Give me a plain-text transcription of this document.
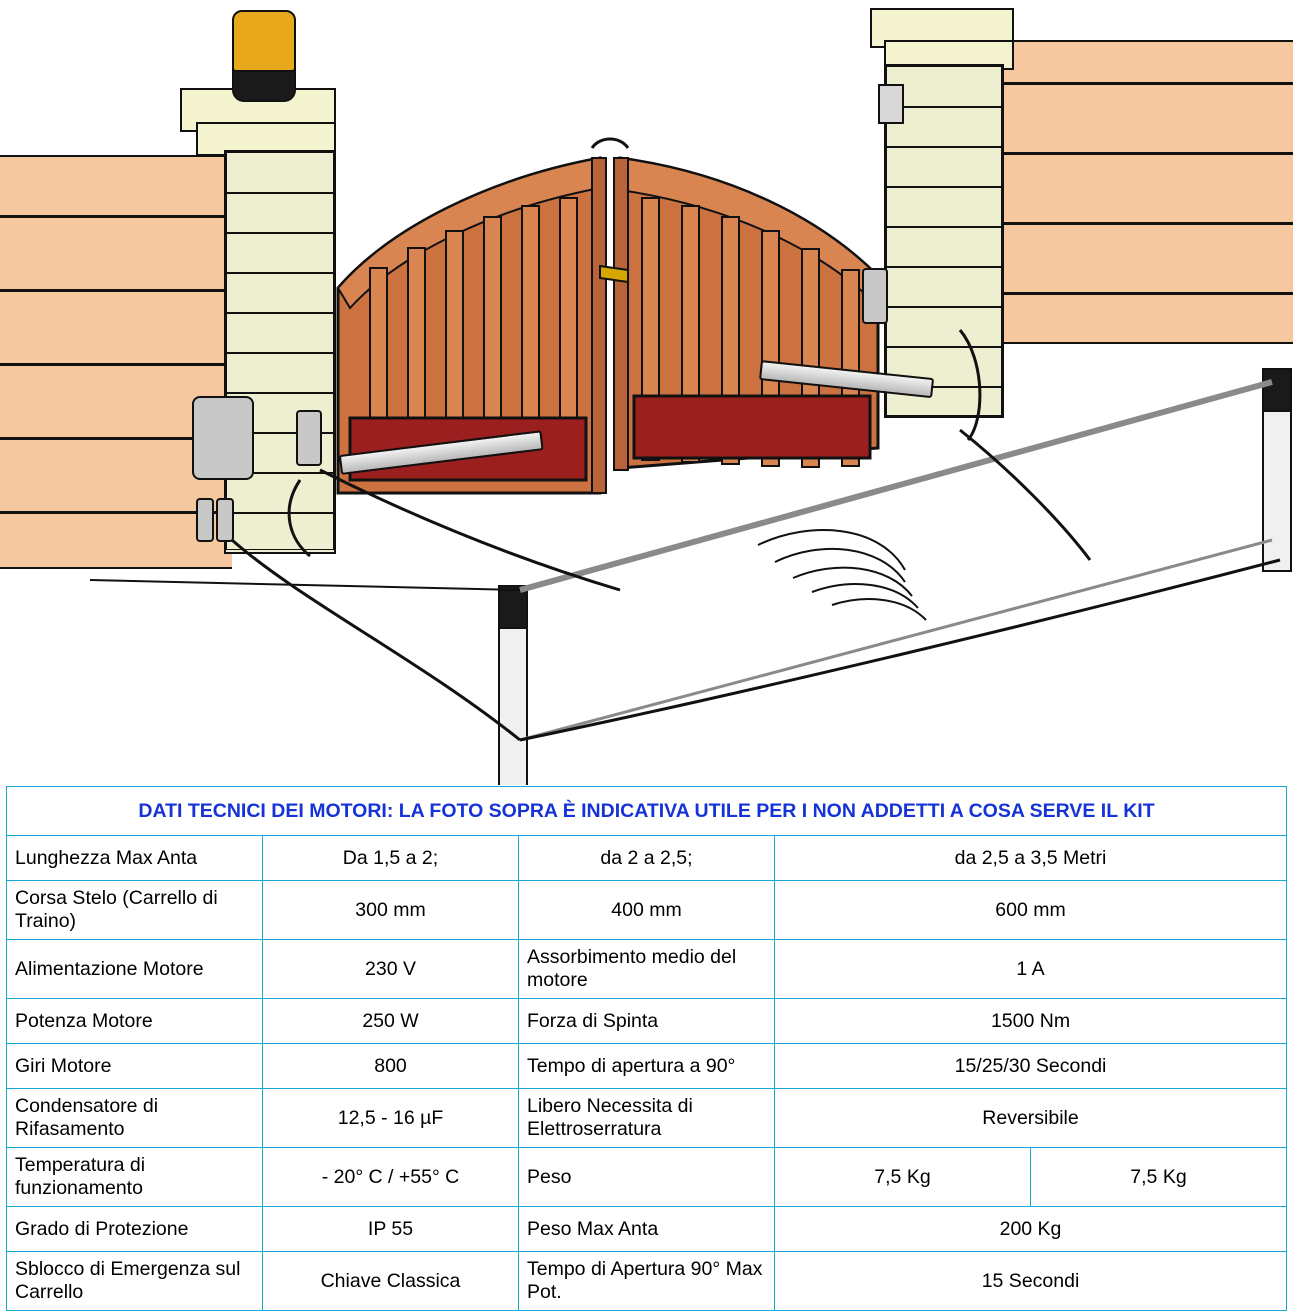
DATI TECNICI DEI MOTORI: LA FOTO SOPRA È INDICATIVA UTILE PER I NON ADDETTI A COSA SERVE IL KIT				
Lunghezza Max Anta	Da 1,5 a 2;	da 2 a 2,5;	da 2,5 a 3,5 Metri	
Corsa Stelo (Carrello di Traino)	300 mm	400 mm	600 mm	
Alimentazione Motore	230 V	Assorbimento medio del motore	1 A	
Potenza Motore	250 W	Forza di Spinta	1500 Nm	
Giri Motore	800	Tempo di apertura a 90°	15/25/30 Secondi	
Condensatore di Rifasamento	12,5 - 16 µF	Libero Necessita di Elettroserratura	Reversibile	
Temperatura di funzionamento	- 20° C / +55° C	Peso	7,5 Kg	7,5 Kg
Grado di Protezione	IP 55	Peso Max Anta	200 Kg	
Sblocco di Emergenza sul Carrello	Chiave Classica	Tempo di Apertura 90° Max Pot.	15 Secondi	
